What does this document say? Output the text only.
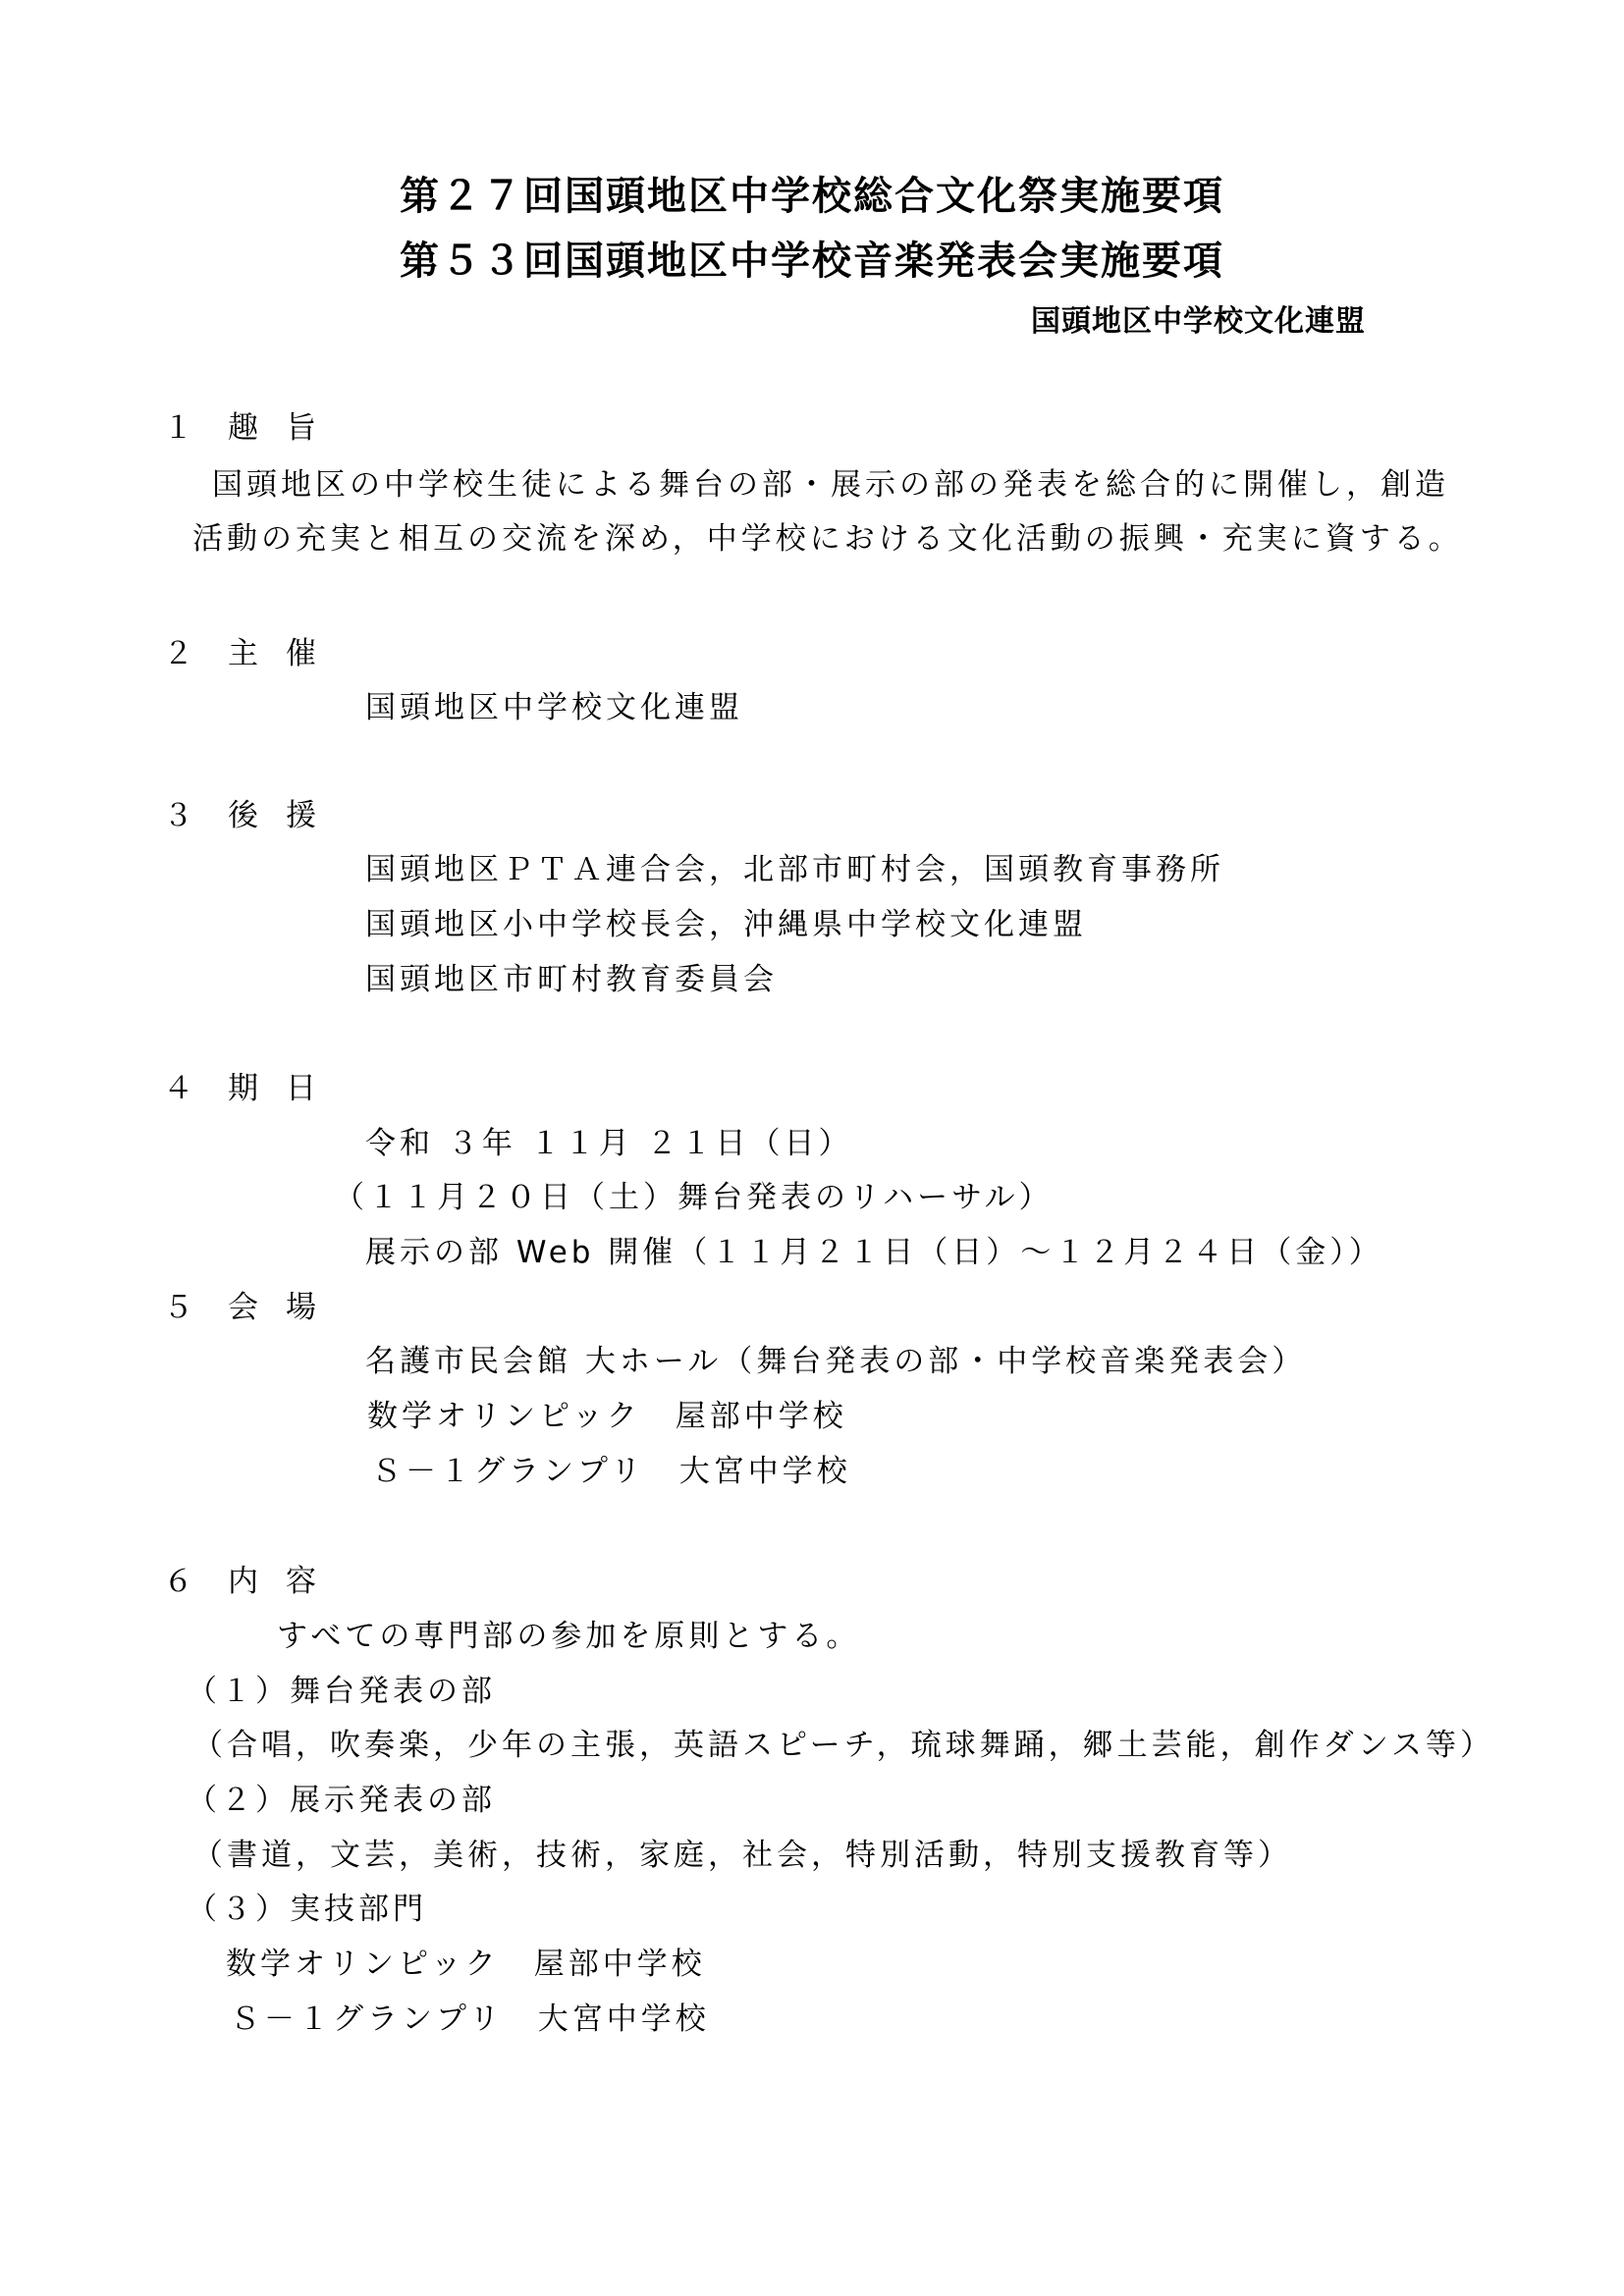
第２７回国頭地区中学校総合文化祭実施要項

第５３回国頭地区中学校音楽発表会実施要項

国頭地区中学校文化連盟

１ 趣旨

国頭地区の中学校生徒による舞台の部・展示の部の発表を総合的に開催し，創造

活動の充実と相互の交流を深め，中学校における文化活動の振興・充実に資する。

２ 主催

国頭地区中学校文化連盟

３ 後援

国頭地区ＰＴＡ連合会，北部市町村会，国頭教育事務所

国頭地区小中学校長会，沖縄県中学校文化連盟

国頭地区市町村教育委員会

４ 期日

令和 ３年 １１月 ２１日（日）

（１１月２０日（土）舞台発表のリハーサル）

展示の部 Web 開催（１１月２１日（日）～１２月２４日（金））

５ 会場

名護市民会館 大ホール（舞台発表の部・中学校音楽発表会）

数学オリンピック　屋部中学校

Ｓ－１グランプリ　大宮中学校

６ 内容

すべての専門部の参加を原則とする。

（１）舞台発表の部

（合唱，吹奏楽，少年の主張，英語スピーチ，琉球舞踊，郷土芸能，創作ダンス等）

（２）展示発表の部

（書道，文芸，美術，技術，家庭，社会，特別活動，特別支援教育等）

（３）実技部門

数学オリンピック　屋部中学校

Ｓ－１グランプリ　大宮中学校
